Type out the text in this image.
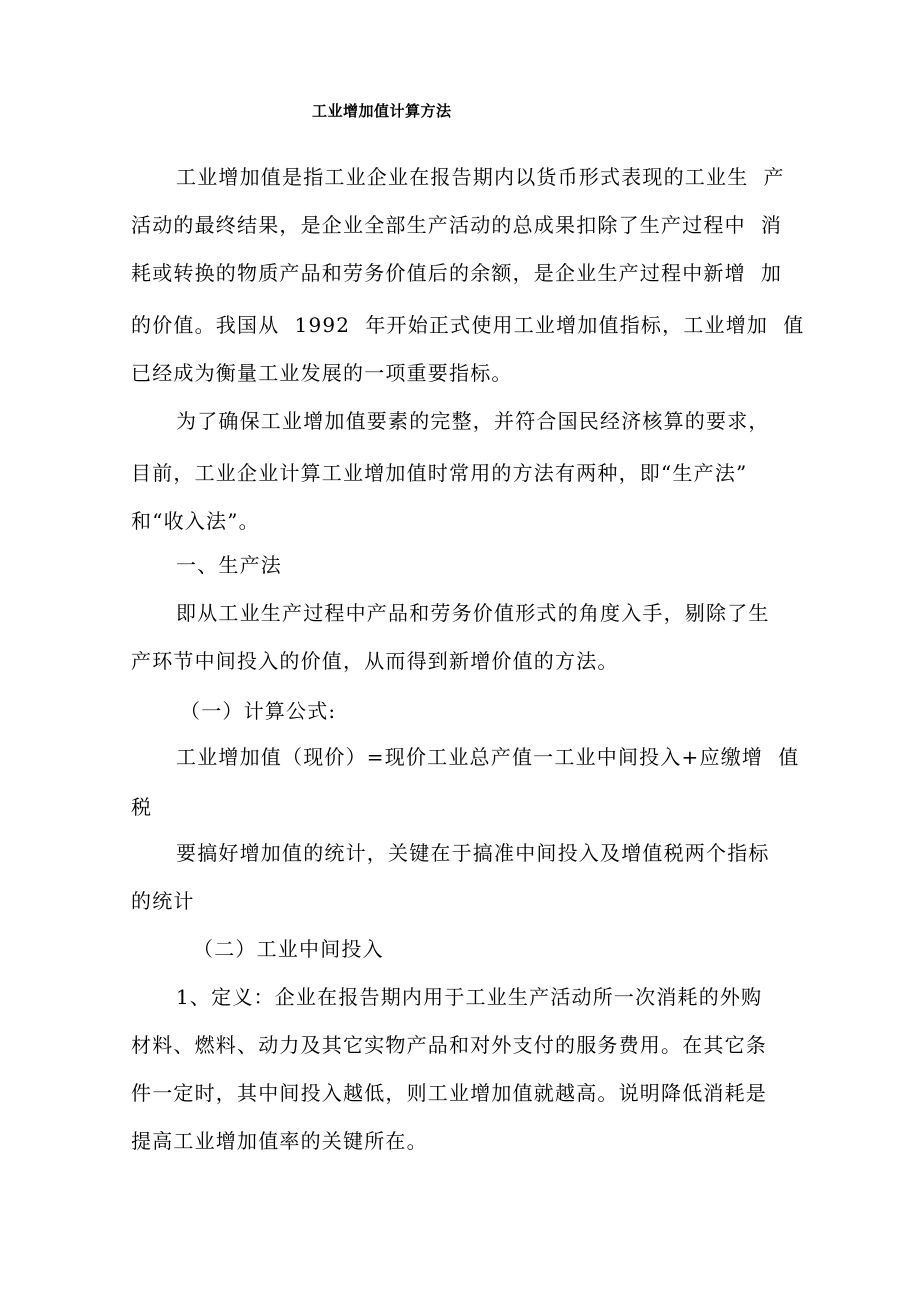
工业增加值计算方法
工业增加值是指工业企业在报告期内以货币形式表现的工业生  产
活动的最终结果，是企业全部生产活动的总成果扣除了生产过程中  消
耗或转换的物质产品和劳务价值后的余额，是企业生产过程中新增  加
的价值。我国从  1992  年开始正式使用工业增加值指标，工业增加  值
已经成为衡量工业发展的一项重要指标。
为了确保工业增加值要素的完整，并符合国民经济核算的要求，
目前，工业企业计算工业增加值时常用的方法有两种，即“生产法”
和“收入法”。
一、生产法
即从工业生产过程中产品和劳务价值形式的角度入手，剔除了生
产环节中间投入的价值，从而得到新增价值的方法。
（一）计算公式:
工业增加值（现价）=现价工业总产值一工业中间投入+应缴增  值
税
要搞好增加值的统计，关键在于搞准中间投入及增值税两个指标
的统计
（二）工业中间投入
1、定义：企业在报告期内用于工业生产活动所一次消耗的外购
材料、燃料、动力及其它实物产品和对外支付的服务费用。在其它条
件一定时，其中间投入越低，则工业增加值就越高。说明降低消耗是
提高工业增加值率的关键所在。
